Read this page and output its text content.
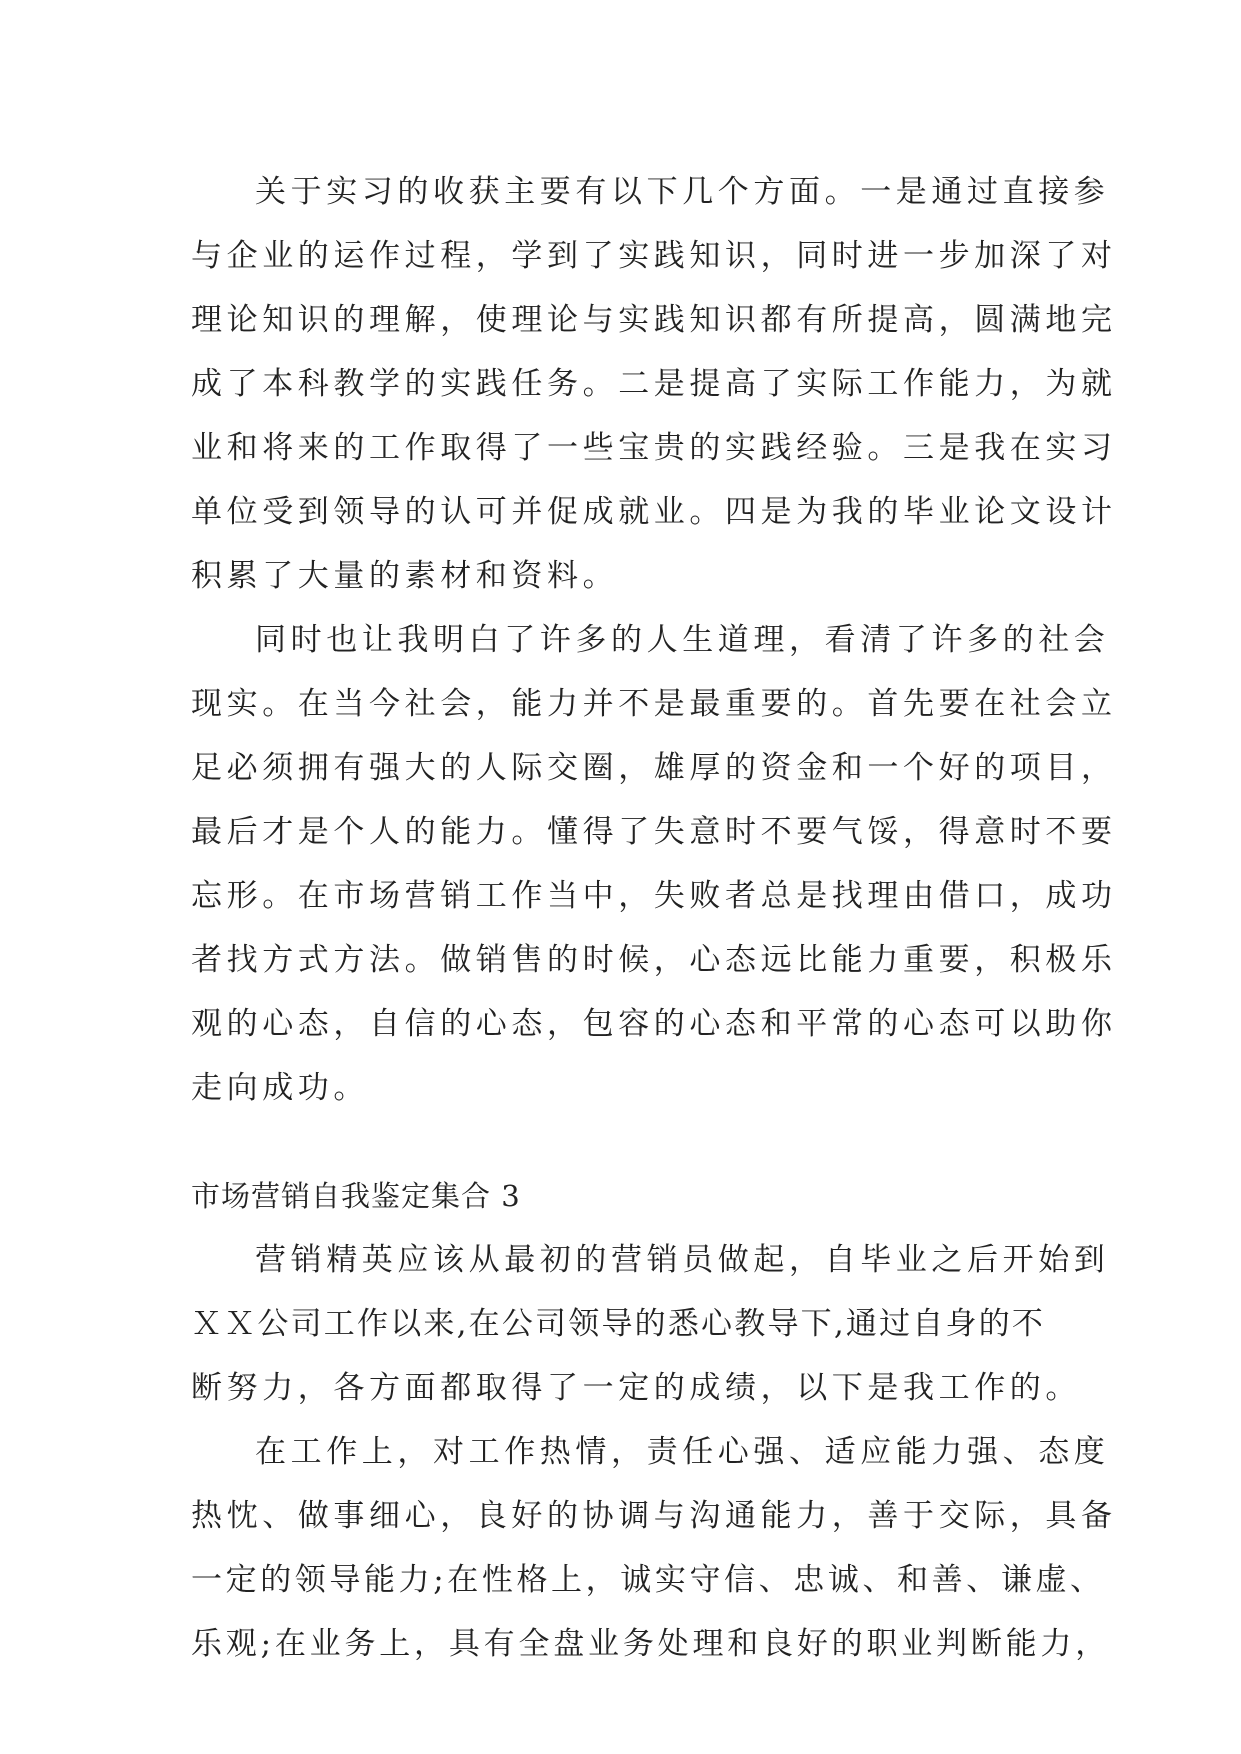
关于实习的收获主要有以下几个方面。一是通过直接参
与企业的运作过程，学到了实践知识，同时进一步加深了对
理论知识的理解，使理论与实践知识都有所提高，圆满地完
成了本科教学的实践任务。二是提高了实际工作能力，为就
业和将来的工作取得了一些宝贵的实践经验。三是我在实习
单位受到领导的认可并促成就业。四是为我的毕业论文设计
积累了大量的素材和资料。
同时也让我明白了许多的人生道理，看清了许多的社会
现实。在当今社会，能力并不是最重要的。首先要在社会立
足必须拥有强大的人际交圈，雄厚的资金和一个好的项目，
最后才是个人的能力。懂得了失意时不要气馁，得意时不要
忘形。在市场营销工作当中，失败者总是找理由借口，成功
者找方式方法。做销售的时候，心态远比能力重要，积极乐
观的心态，自信的心态，包容的心态和平常的心态可以助你
走向成功。
市场营销自我鉴定集合 3
营销精英应该从最初的营销员做起，自毕业之后开始到
ＸＸ公司工作以来,在公司领导的悉心教导下,通过自身的不
断努力，各方面都取得了一定的成绩，以下是我工作的。
在工作上，对工作热情，责任心强、适应能力强、态度
热忱、做事细心，良好的协调与沟通能力，善于交际，具备
一定的领导能力;在性格上，诚实守信、忠诚、和善、谦虚、
乐观;在业务上，具有全盘业务处理和良好的职业判断能力，
